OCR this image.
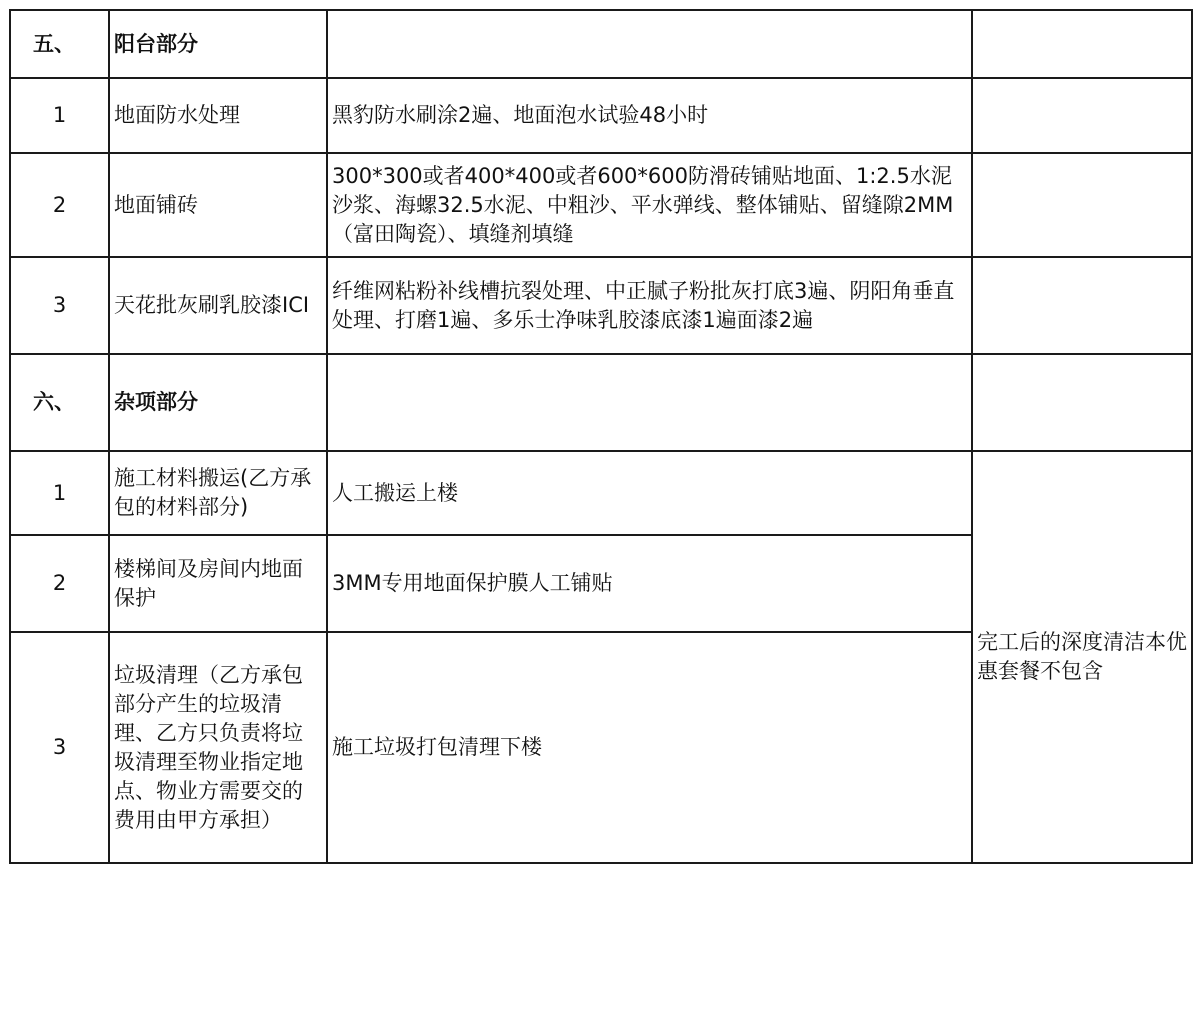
五、	阳台部分		
1	地面防水处理	黑豹防水刷涂2遍、地面泡水试验48小时	
2	地面铺砖	300*300或者400*400或者600*600防滑砖铺贴地面、1:2.5水泥沙浆、海螺32.5水泥、中粗沙、平水弹线、整体铺贴、留缝隙2MM（富田陶瓷）、填缝剂填缝	
3	天花批灰刷乳胶漆ICI	纤维网粘粉补线槽抗裂处理、中正腻子粉批灰打底3遍、阴阳角垂直处理、打磨1遍、多乐士净味乳胶漆底漆1遍面漆2遍	
六、	杂项部分		
1	施工材料搬运(乙方承包的材料部分)	人工搬运上楼	完工后的深度清洁本优惠套餐不包含
2	楼梯间及房间内地面保护	3MM专用地面保护膜人工铺贴	
3	垃圾清理（乙方承包部分产生的垃圾清理、乙方只负责将垃圾清理至物业指定地点、物业方需要交的费用由甲方承担）	施工垃圾打包清理下楼	
